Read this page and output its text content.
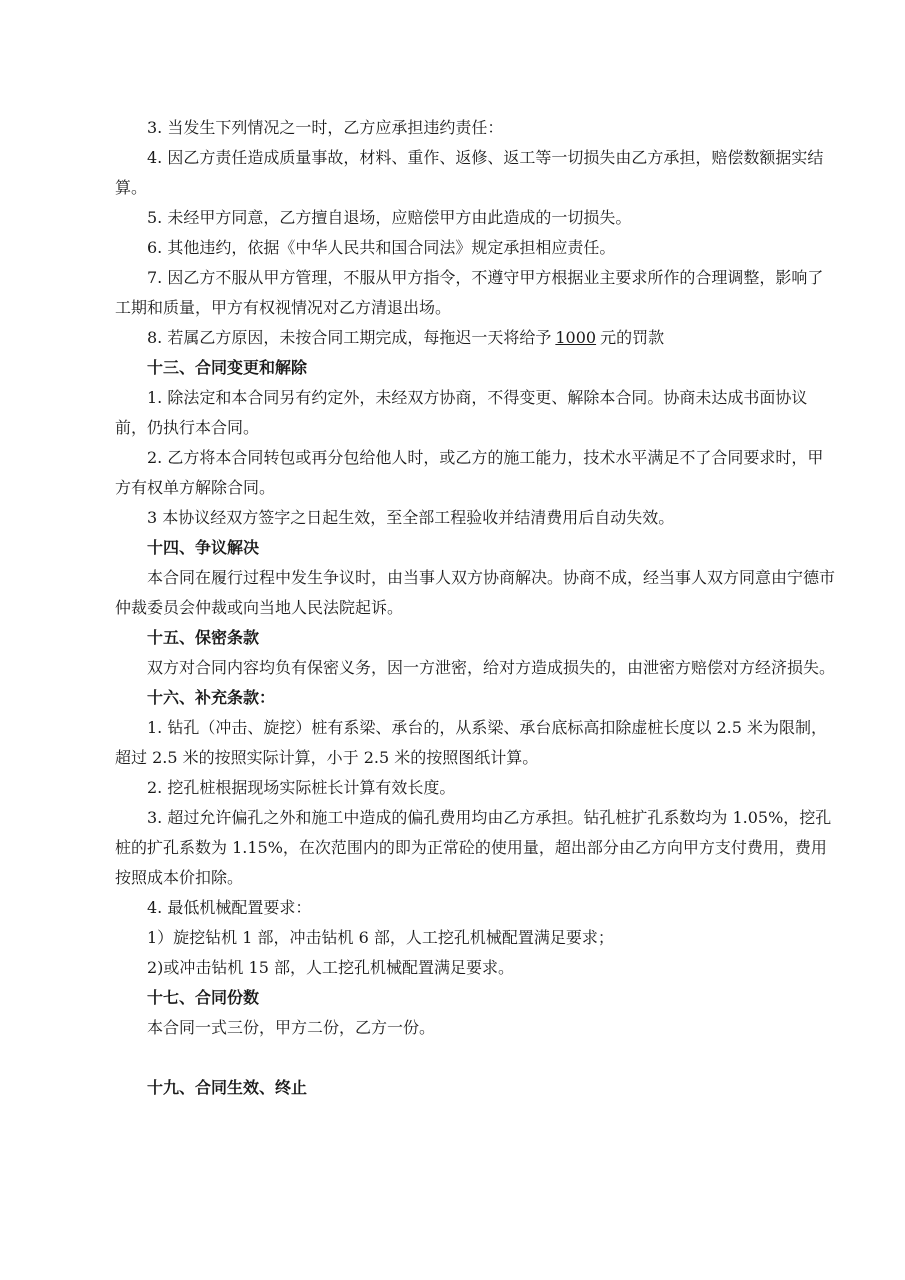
3. 当发生下列情况之一时，乙方应承担违约责任：

4. 因乙方责任造成质量事故，材料、重作、返修、返工等一切损失由乙方承担，赔偿数额据实结算。

5. 未经甲方同意，乙方擅自退场，应赔偿甲方由此造成的一切损失。

6. 其他违约，依据《中华人民共和国合同法》规定承担相应责任。

7. 因乙方不服从甲方管理，不服从甲方指令，不遵守甲方根据业主要求所作的合理调整，影响了工期和质量，甲方有权视情况对乙方清退出场。

8. 若属乙方原因，未按合同工期完成，每拖迟一天将给予 1000 元的罚款

十三、合同变更和解除

1. 除法定和本合同另有约定外，未经双方协商，不得变更、解除本合同。协商未达成书面协议前，仍执行本合同。

2. 乙方将本合同转包或再分包给他人时，或乙方的施工能力，技术水平满足不了合同要求时，甲方有权单方解除合同。

3 本协议经双方签字之日起生效，至全部工程验收并结清费用后自动失效。

十四、争议解决

本合同在履行过程中发生争议时，由当事人双方协商解决。协商不成，经当事人双方同意由宁德市仲裁委员会仲裁或向当地人民法院起诉。

十五、保密条款

双方对合同内容均负有保密义务，因一方泄密，给对方造成损失的，由泄密方赔偿对方经济损失。

十六、补充条款：

1. 钻孔（冲击、旋挖）桩有系梁、承台的，从系梁、承台底标高扣除虚桩长度以 2.5 米为限制，超过 2.5 米的按照实际计算，小于 2.5 米的按照图纸计算。

2. 挖孔桩根据现场实际桩长计算有效长度。

3. 超过允许偏孔之外和施工中造成的偏孔费用均由乙方承担。钻孔桩扩孔系数均为 1.05%，挖孔桩的扩孔系数为 1.15%，在次范围内的即为正常砼的使用量，超出部分由乙方向甲方支付费用，费用按照成本价扣除。

4. 最低机械配置要求：

1）旋挖钻机 1 部，冲击钻机 6 部，人工挖孔机械配置满足要求；

2)或冲击钻机 15 部，人工挖孔机械配置满足要求。

十七、合同份数

本合同一式三份，甲方二份，乙方一份。

十九、合同生效、终止
